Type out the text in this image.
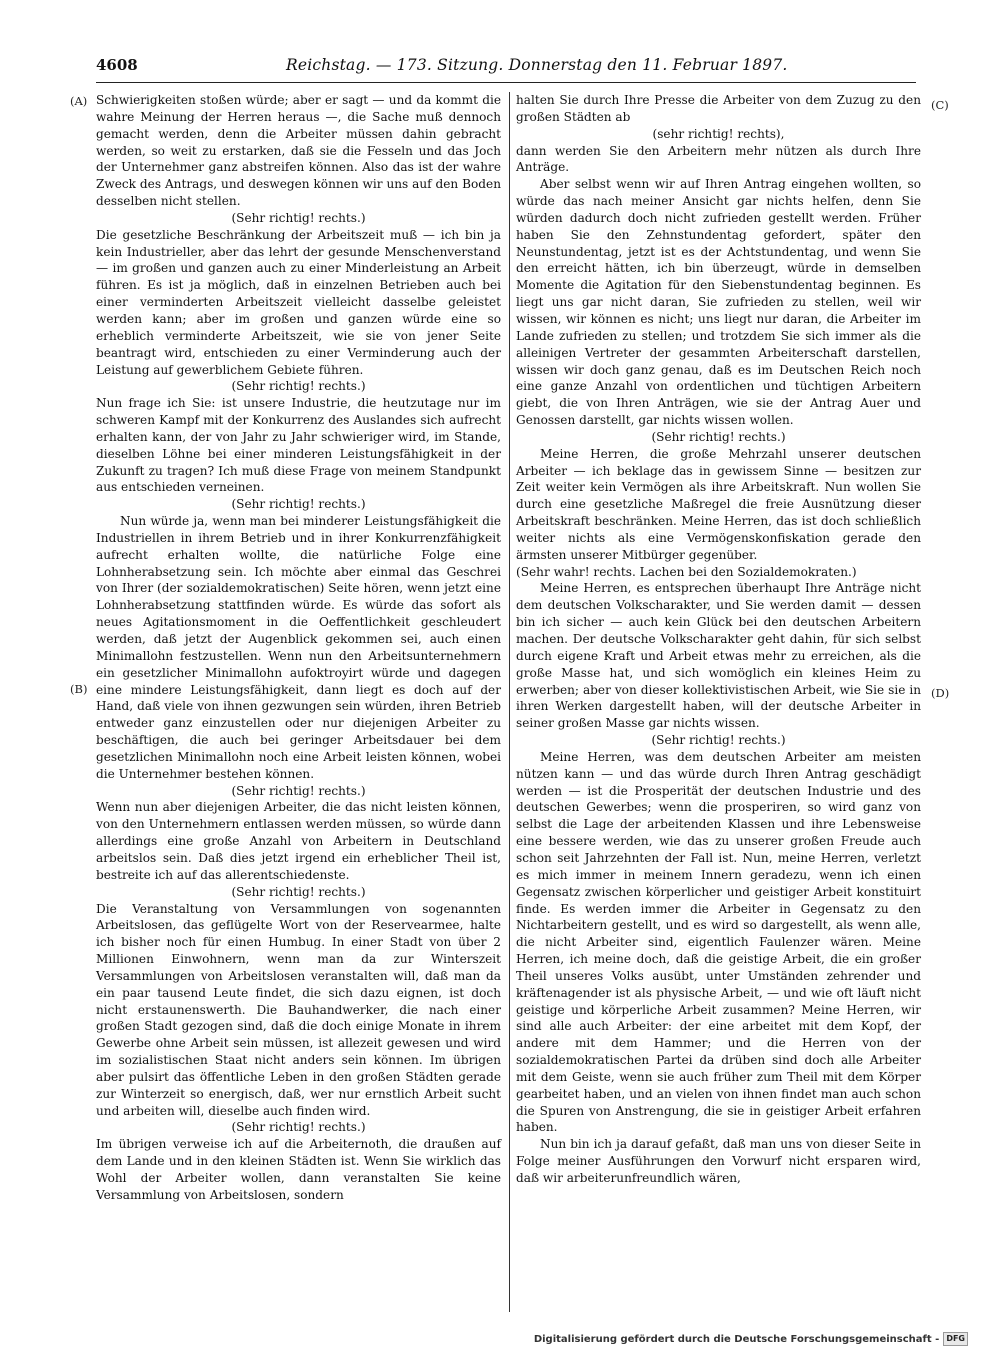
4608	Reichstag. — 173. Sitzung. Donnerstag den 11. Februar 1897.
(A)
(B)
(C)
(D)

Schwierigkeiten stoßen würde; aber er sagt — und da kommt die wahre Meinung der Herren heraus —, die Sache muß dennoch gemacht werden, denn die Arbeiter müssen dahin gebracht werden, so weit zu erstarken, daß sie die Fesseln und das Joch der Unternehmer ganz abstreifen können. Also das ist der wahre Zweck des Antrags, und deswegen können wir uns auf den Boden desselben nicht stellen.

(Sehr richtig! rechts.)

Die gesetzliche Beschränkung der Arbeitszeit muß — ich bin ja kein Industrieller, aber das lehrt der gesunde Menschenverstand — im großen und ganzen auch zu einer Minderleistung an Arbeit führen. Es ist ja möglich, daß in einzelnen Betrieben auch bei einer verminderten Arbeitszeit vielleicht dasselbe geleistet werden kann; aber im großen und ganzen würde eine so erheblich verminderte Arbeitszeit, wie sie von jener Seite beantragt wird, entschieden zu einer Verminderung auch der Leistung auf gewerblichem Gebiete führen.

(Sehr richtig! rechts.)

Nun frage ich Sie: ist unsere Industrie, die heutzutage nur im schweren Kampf mit der Konkurrenz des Auslandes sich aufrecht erhalten kann, der von Jahr zu Jahr schwieriger wird, im Stande, dieselben Löhne bei einer minderen Leistungsfähigkeit in der Zukunft zu tragen? Ich muß diese Frage von meinem Standpunkt aus entschieden verneinen.

(Sehr richtig! rechts.)

Nun würde ja, wenn man bei minderer Leistungsfähigkeit die Industriellen in ihrem Betrieb und in ihrer Konkurrenzfähigkeit aufrecht erhalten wollte, die natürliche Folge eine Lohnherabsetzung sein. Ich möchte aber einmal das Geschrei von Ihrer (der sozialdemokratischen) Seite hören, wenn jetzt eine Lohnherabsetzung stattfinden würde. Es würde das sofort als neues Agitationsmoment in die Oeffentlichkeit geschleudert werden, daß jetzt der Augenblick gekommen sei, auch einen Minimallohn festzustellen. Wenn nun den Arbeitsunternehmern ein gesetzlicher Minimallohn aufoktroyirt würde und dagegen eine mindere Leistungsfähigkeit, dann liegt es doch auf der Hand, daß viele von ihnen gezwungen sein würden, ihren Betrieb entweder ganz einzustellen oder nur diejenigen Arbeiter zu beschäftigen, die auch bei geringer Arbeitsdauer bei dem gesetzlichen Minimallohn noch eine Arbeit leisten können, wobei die Unternehmer bestehen können.

(Sehr richtig! rechts.)

Wenn nun aber diejenigen Arbeiter, die das nicht leisten können, von den Unternehmern entlassen werden müssen, so würde dann allerdings eine große Anzahl von Arbeitern in Deutschland arbeitslos sein. Daß dies jetzt irgend ein erheblicher Theil ist, bestreite ich auf das allerentschiedenste.

(Sehr richtig! rechts.)

Die Veranstaltung von Versammlungen von sogenannten Arbeitslosen, das geflügelte Wort von der Reservearmee, halte ich bisher noch für einen Humbug. In einer Stadt von über 2 Millionen Einwohnern, wenn man da zur Winterszeit Versammlungen von Arbeitslosen veranstalten will, daß man da ein paar tausend Leute findet, die sich dazu eignen, ist doch nicht erstaunenswerth. Die Bauhandwerker, die nach einer großen Stadt gezogen sind, daß die doch einige Monate in ihrem Gewerbe ohne Arbeit sein müssen, ist allezeit gewesen und wird im sozialistischen Staat nicht anders sein können. Im übrigen aber pulsirt das öffentliche Leben in den großen Städten gerade zur Winterzeit so energisch, daß, wer nur ernstlich Arbeit sucht und arbeiten will, dieselbe auch finden wird.

(Sehr richtig! rechts.)

Im übrigen verweise ich auf die Arbeiternoth, die draußen auf dem Lande und in den kleinen Städten ist. Wenn Sie wirklich das Wohl der Arbeiter wollen, dann veranstalten Sie keine Versammlung von Arbeitslosen, sondern

halten Sie durch Ihre Presse die Arbeiter von dem Zuzug zu den großen Städten ab

(sehr richtig! rechts),

dann werden Sie den Arbeitern mehr nützen als durch Ihre Anträge.

Aber selbst wenn wir auf Ihren Antrag eingehen wollten, so würde das nach meiner Ansicht gar nichts helfen, denn Sie würden dadurch doch nicht zufrieden gestellt werden. Früher haben Sie den Zehnstundentag gefordert, später den Neunstundentag, jetzt ist es der Achtstundentag, und wenn Sie den erreicht hätten, ich bin überzeugt, würde in demselben Momente die Agitation für den Siebenstundentag beginnen. Es liegt uns gar nicht daran, Sie zufrieden zu stellen, weil wir wissen, wir können es nicht; uns liegt nur daran, die Arbeiter im Lande zufrieden zu stellen; und trotzdem Sie sich immer als die alleinigen Vertreter der gesammten Arbeiterschaft darstellen, wissen wir doch ganz genau, daß es im Deutschen Reich noch eine ganze Anzahl von ordentlichen und tüchtigen Arbeitern giebt, die von Ihren Anträgen, wie sie der Antrag Auer und Genossen darstellt, gar nichts wissen wollen.

(Sehr richtig! rechts.)

Meine Herren, die große Mehrzahl unserer deutschen Arbeiter — ich beklage das in gewissem Sinne — besitzen zur Zeit weiter kein Vermögen als ihre Arbeitskraft. Nun wollen Sie durch eine gesetzliche Maßregel die freie Ausnützung dieser Arbeitskraft beschränken. Meine Herren, das ist doch schließlich weiter nichts als eine Vermögenskonfiskation gerade den ärmsten unserer Mitbürger gegenüber.

(Sehr wahr! rechts. Lachen bei den Sozialdemokraten.)

Meine Herren, es entsprechen überhaupt Ihre Anträge nicht dem deutschen Volkscharakter, und Sie werden damit — dessen bin ich sicher — auch kein Glück bei den deutschen Arbeitern machen. Der deutsche Volkscharakter geht dahin, für sich selbst durch eigene Kraft und Arbeit etwas mehr zu erreichen, als die große Masse hat, und sich womöglich ein kleines Heim zu erwerben; aber von dieser kollektivistischen Arbeit, wie Sie sie in ihren Werken dargestellt haben, will der deutsche Arbeiter in seiner großen Masse gar nichts wissen.

(Sehr richtig! rechts.)

Meine Herren, was dem deutschen Arbeiter am meisten nützen kann — und das würde durch Ihren Antrag geschädigt werden — ist die Prosperität der deutschen Industrie und des deutschen Gewerbes; wenn die prosperiren, so wird ganz von selbst die Lage der arbeitenden Klassen und ihre Lebensweise eine bessere werden, wie das zu unserer großen Freude auch schon seit Jahrzehnten der Fall ist. Nun, meine Herren, verletzt es mich immer in meinem Innern geradezu, wenn ich einen Gegensatz zwischen körperlicher und geistiger Arbeit konstituirt finde. Es werden immer die Arbeiter in Gegensatz zu den Nichtarbeitern gestellt, und es wird so dargestellt, als wenn alle, die nicht Arbeiter sind, eigentlich Faulenzer wären. Meine Herren, ich meine doch, daß die geistige Arbeit, die ein großer Theil unseres Volks ausübt, unter Umständen zehrender und kräftenagender ist als physische Arbeit, — und wie oft läuft nicht geistige und körperliche Arbeit zusammen? Meine Herren, wir sind alle auch Arbeiter: der eine arbeitet mit dem Kopf, der andere mit dem Hammer; und die Herren von der sozialdemokratischen Partei da drüben sind doch alle Arbeiter mit dem Geiste, wenn sie auch früher zum Theil mit dem Körper gearbeitet haben, und an vielen von ihnen findet man auch schon die Spuren von Anstrengung, die sie in geistiger Arbeit erfahren haben.

Nun bin ich ja darauf gefaßt, daß man uns von dieser Seite in Folge meiner Ausführungen den Vorwurf nicht ersparen wird, daß wir arbeiterunfreundlich wären,

Digitalisierung gefördert durch die Deutsche Forschungsgemeinschaft - DFG
